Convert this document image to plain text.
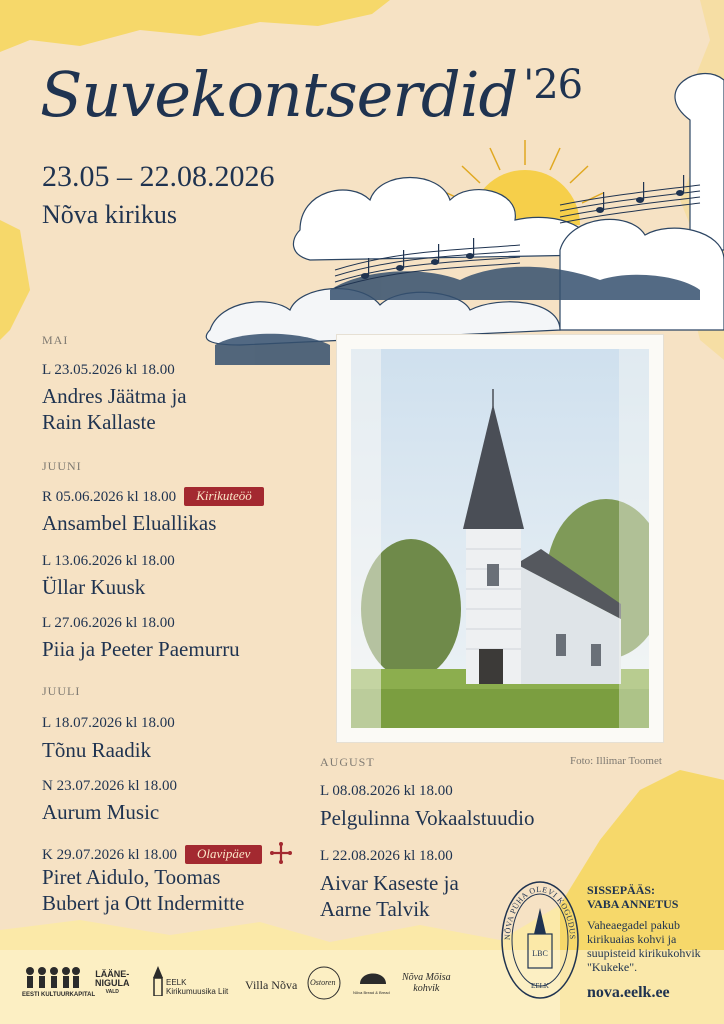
Suvekontserdid $^{'26}$
23.05 – 22.08.2026
Nõva kirikus
MAI
L 23.05.2026 kl 18.00
Andres Jäätma ja
Rain Kallaste
JUUNI
R 05.06.2026 kl 18.00 Kirikuteöö
Ansambel Eluallikas
L 13.06.2026 kl 18.00
Üllar Kuusk
L 27.06.2026 kl 18.00
Piia ja Peeter Paemurru
JUULI
L 18.07.2026 kl 18.00
Tõnu Raadik
N 23.07.2026 kl 18.00
Aurum Music
K 29.07.2026 kl 18.00 Olavipäev
Piret Aidulo, Toomas
Bubert ja Ott Indermitte
Foto: Illimar Toomet
AUGUST
L 08.08.2026 kl 18.00
Pelgulinna Vokaalstuudio
L 22.08.2026 kl 18.00
Aivar Kaseste ja
Aarne Talvik
NÕVA PÜHA OLEVI KOGUDUS
LBC
EELK
SISSEPÄÄS:
VABA ANNETUS
Vaheaegadel pakub kirikuaias kohvi ja suupisteid kirikukohvik "Kukeke".
nova.eelk.ee
EESTI KULTUURKAPITAL
LÄÄNE-
NIGULA
VALD
EELK
Kirikumuusika Liit Villa Nõva Ostoren
Nõva Bread & Bread
Nõva Mõisa
kohvik
